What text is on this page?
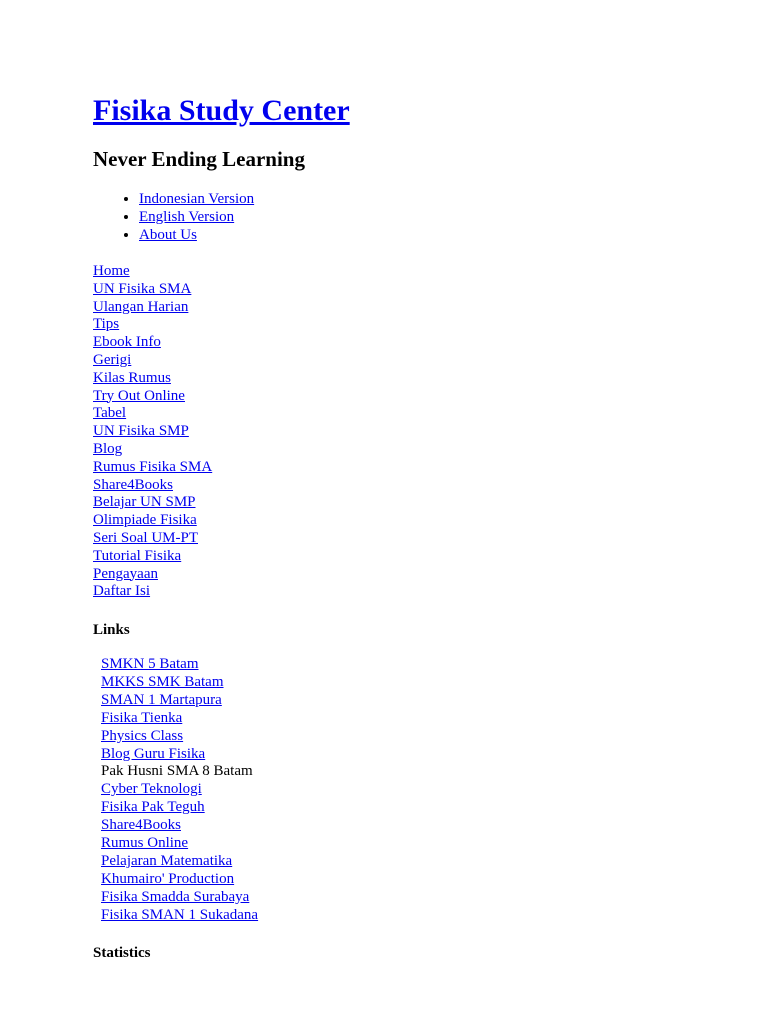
Fisika Study Center
Never Ending Learning
• Indonesian Version
• English Version
• About Us
Home
UN Fisika SMA
Ulangan Harian
Tips
Ebook Info
Gerigi
Kilas Rumus
Try Out Online
Tabel
UN Fisika SMP
Blog
Rumus Fisika SMA
Share4Books
Belajar UN SMP
Olimpiade Fisika
Seri Soal UM-PT
Tutorial Fisika
Pengayaan
Daftar Isi
Links
SMKN 5 Batam
MKKS SMK Batam
SMAN 1 Martapura
Fisika Tienka
Physics Class
Blog Guru Fisika
Pak Husni SMA 8 Batam
Cyber Teknologi
Fisika Pak Teguh
Share4Books
Rumus Online
Pelajaran Matematika
Khumairo' Production
Fisika Smadda Surabaya
Fisika SMAN 1 Sukadana
Statistics
